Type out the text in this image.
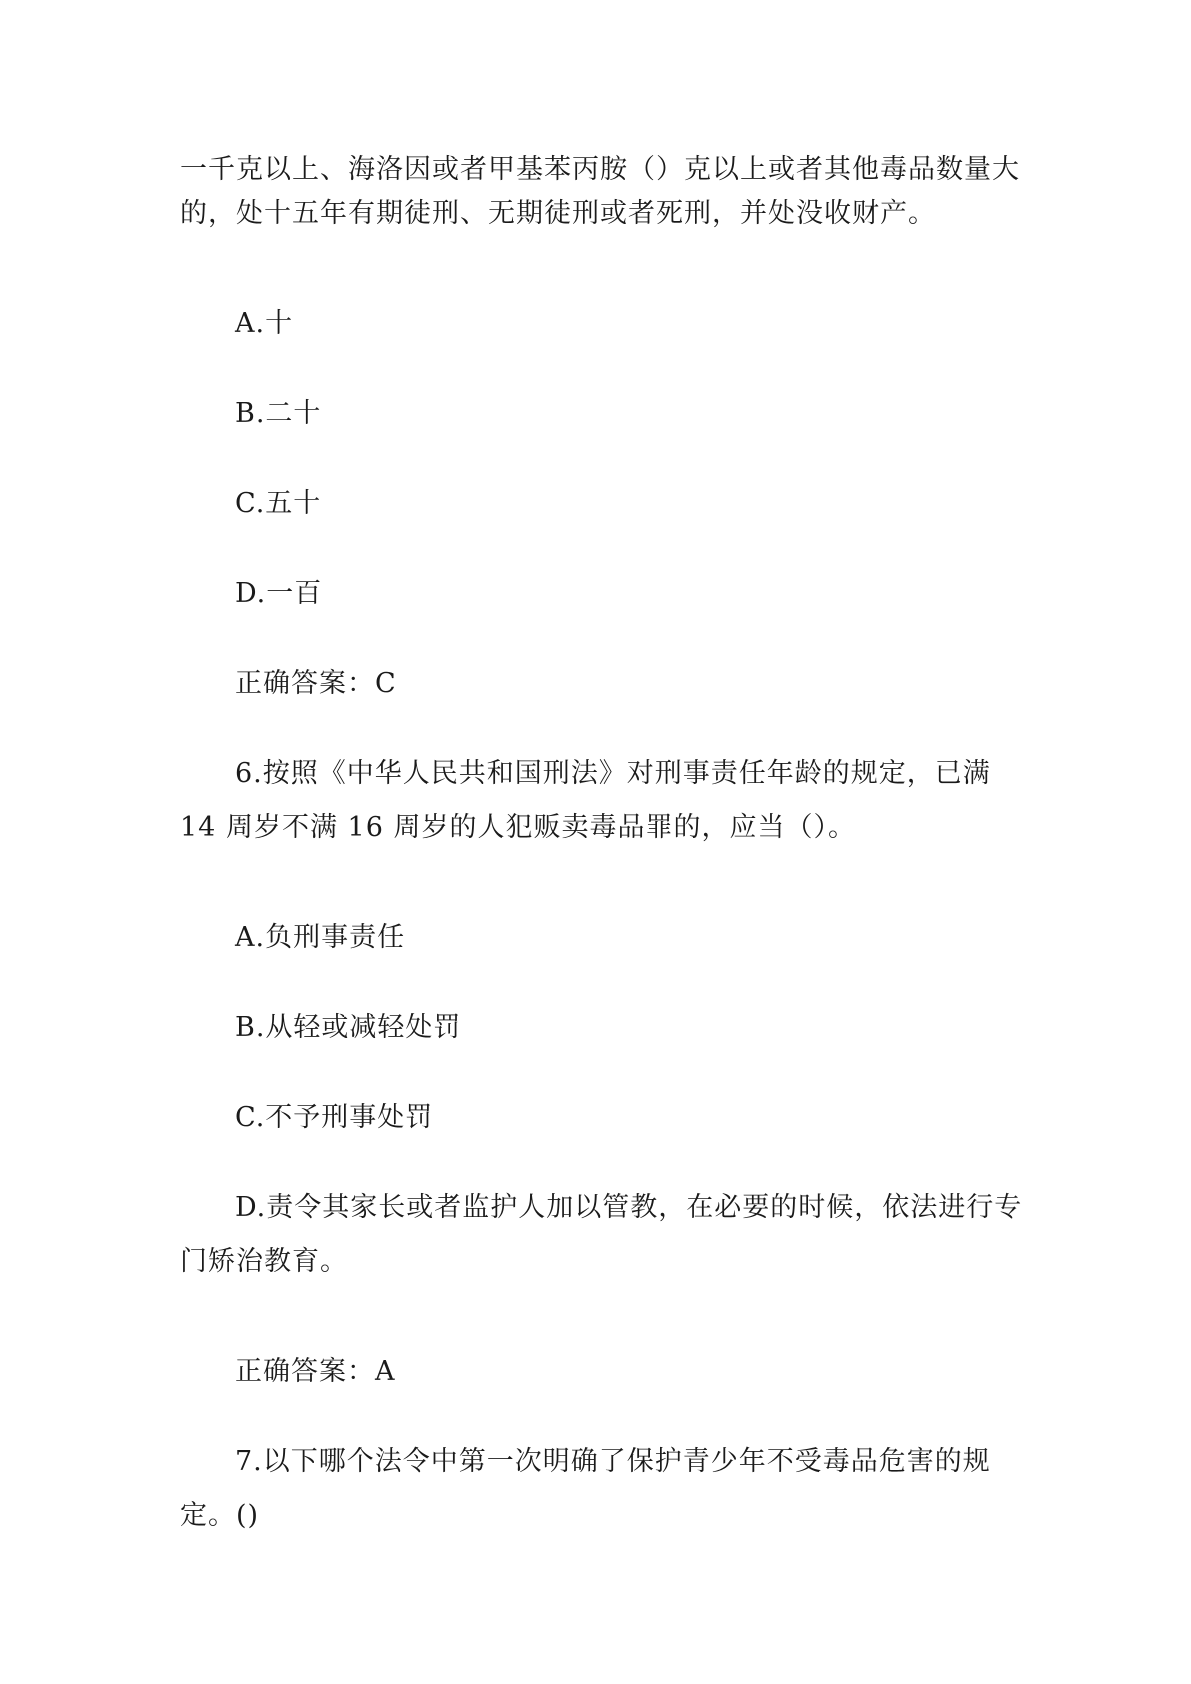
一千克以上、海洛因或者甲基苯丙胺（）克以上或者其他毒品数量大
的，处十五年有期徒刑、无期徒刑或者死刑，并处没收财产。
A.十
B.二十
C.五十
D.一百
正确答案：C
6.按照《中华人民共和国刑法》对刑事责任年龄的规定，已满
14 周岁不满 16 周岁的人犯贩卖毒品罪的，应当（）。
A.负刑事责任
B.从轻或减轻处罚
C.不予刑事处罚
D.责令其家长或者监护人加以管教，在必要的时候，依法进行专
门矫治教育。
正确答案：A
7.以下哪个法令中第一次明确了保护青少年不受毒品危害的规
定。()
